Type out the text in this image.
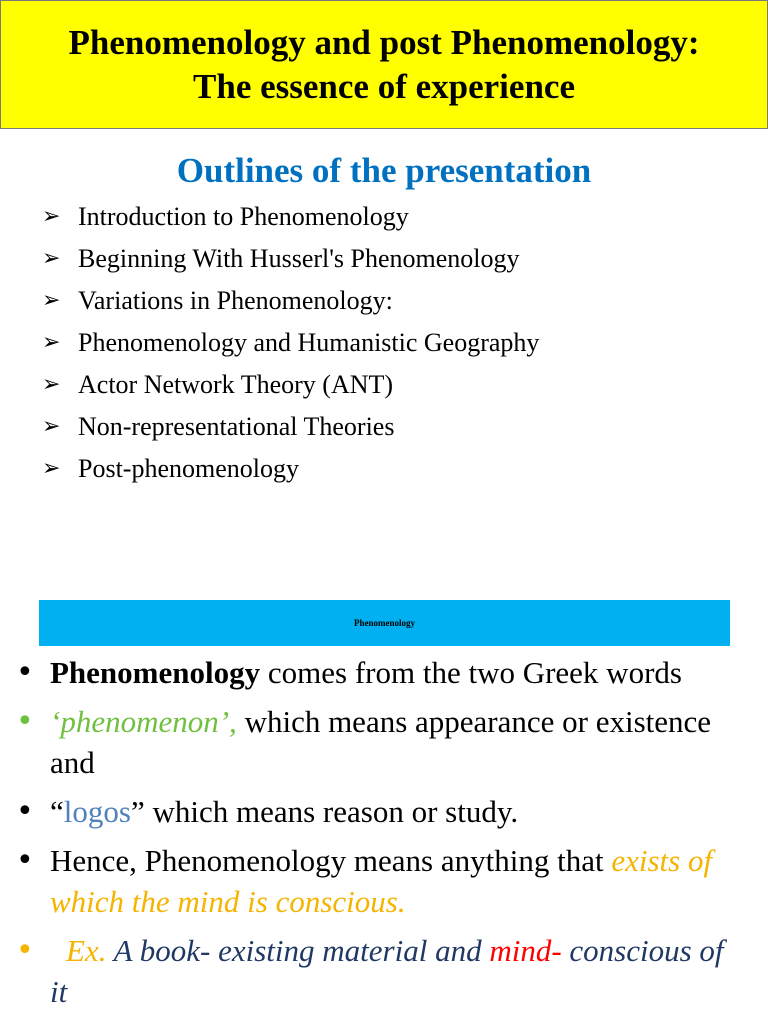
Phenomenology and post Phenomenology:
The essence of experience
Outlines of the presentation
➢ Introduction to Phenomenology
➢ Beginning With Husserl's Phenomenology
➢ Variations in Phenomenology:
➢ Phenomenology and Humanistic Geography
➢ Actor Network Theory (ANT)
➢ Non-representational Theories
➢ Post-phenomenology
Phenomenology
• Phenomenology comes from the two Greek words
• ‘phenomenon’, which means appearance or existence and
• “logos” which means reason or study.
• Hence, Phenomenology means anything that exists of which the mind is conscious.
• Ex. A book- existing material and mind- conscious of it
